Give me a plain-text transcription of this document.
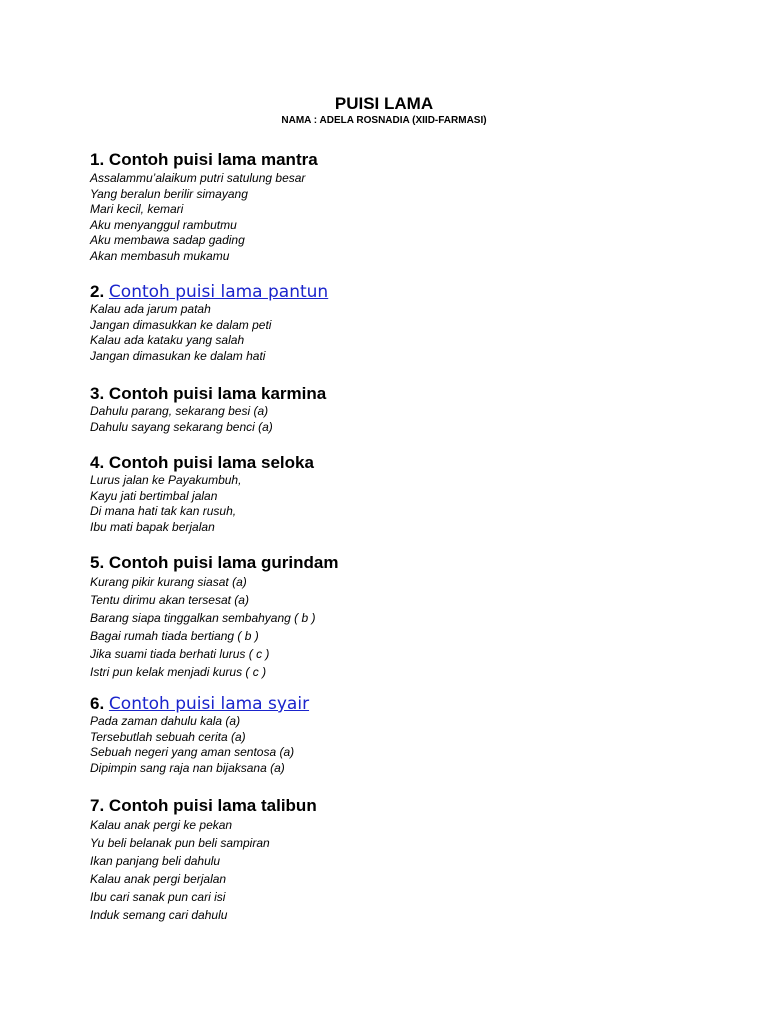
PUISI LAMA
NAMA : ADELA ROSNADIA (XIID-FARMASI)
1. Contoh puisi lama mantra
Assalammu’alaikum putri satulung besar
Yang beralun berilir simayang
Mari kecil, kemari
Aku menyanggul rambutmu
Aku membawa sadap gading
Akan membasuh mukamu
2. Contoh puisi lama pantun
Kalau ada jarum patah
Jangan dimasukkan ke dalam peti
Kalau ada kataku yang salah
Jangan dimasukan ke dalam hati
3. Contoh puisi lama karmina
Dahulu parang, sekarang besi (a)
Dahulu sayang sekarang benci (a)
4. Contoh puisi lama seloka
Lurus jalan ke Payakumbuh,
Kayu jati bertimbal jalan
Di mana hati tak kan rusuh,
Ibu mati bapak berjalan
5. Contoh puisi lama gurindam
Kurang pikir kurang siasat (a)
Tentu dirimu akan tersesat (a)
Barang siapa tinggalkan sembahyang ( b )
Bagai rumah tiada bertiang ( b )
Jika suami tiada berhati lurus ( c )
Istri pun kelak menjadi kurus ( c )
6. Contoh puisi lama syair
Pada zaman dahulu kala (a)
Tersebutlah sebuah cerita (a)
Sebuah negeri yang aman sentosa (a)
Dipimpin sang raja nan bijaksana (a)
7. Contoh puisi lama talibun
Kalau anak pergi ke pekan
Yu beli belanak pun beli sampiran
Ikan panjang beli dahulu
Kalau anak pergi berjalan
Ibu cari sanak pun cari isi
Induk semang cari dahulu
